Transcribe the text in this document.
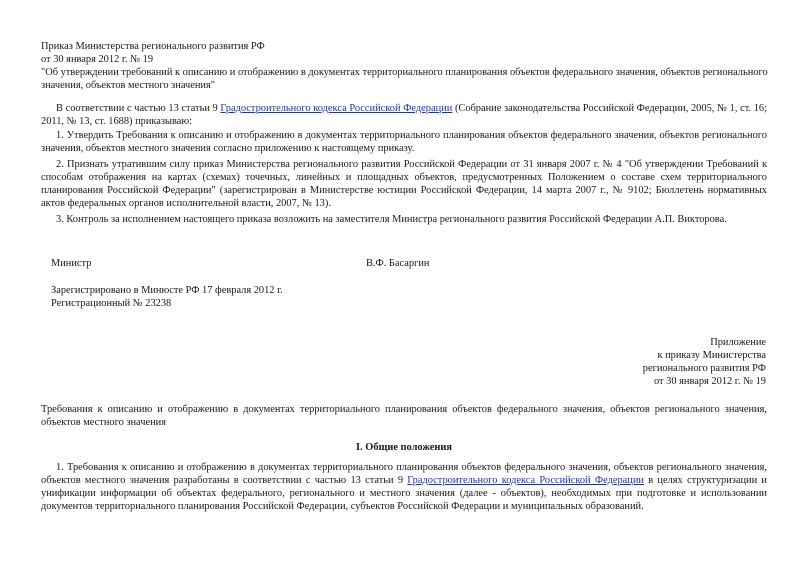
Приказ Министерства регионального развития РФ
от 30 января 2012 г. № 19
"Об утверждении требований к описанию и отображению в документах территориального планирования объектов федерального значения, объектов регионального значения, объектов местного значения"
В соответствии с частью 13 статьи 9 Градостроительного кодекса Российской Федерации (Собрание законодательства Российской Федерации, 2005, № 1, ст. 16; 2011, № 13, ст. 1688) приказываю:
1. Утвердить Требования к описанию и отображению в документах территориального планирования объектов федерального значения, объектов регионального значения, объектов местного значения согласно приложению к настоящему приказу.
2. Признать утратившим силу приказ Министерства регионального развития Российской Федерации от 31 января 2007 г. № 4 "Об утверждении Требований к способам отображения на картах (схемах) точечных, линейных и площадных объектов, предусмотренных Положением о составе схем территориального планирования Российской Федерации" (зарегистрирован в Министерстве юстиции Российской Федерации, 14 марта 2007 г., № 9102; Бюллетень нормативных актов федеральных органов исполнительной власти, 2007, № 13).
3. Контроль за исполнением настоящего приказа возложить на заместителя Министра регионального развития Российской Федерации А.П. Викторова.
Министр	В.Ф. Басаргин
Зарегистрировано в Минюсте РФ 17 февраля 2012 г.
Регистрационный № 23238
Приложение
к приказу Министерства
регионального развития РФ
от 30 января 2012 г. № 19
Требования к описанию и отображению в документах территориального планирования объектов федерального значения, объектов регионального значения, объектов местного значения
I. Общие положения
1. Требования к описанию и отображению в документах территориального планирования объектов федерального значения, объектов регионального значения, объектов местного значения разработаны в соответствии с частью 13 статьи 9 Градостроительного кодекса Российской Федерации в целях структуризации и унификации информации об объектах федерального, регионального и местного значения (далее - объектов), необходимых при подготовке и использовании документов территориального планирования Российской Федерации, субъектов Российской Федерации и муниципальных образований.
